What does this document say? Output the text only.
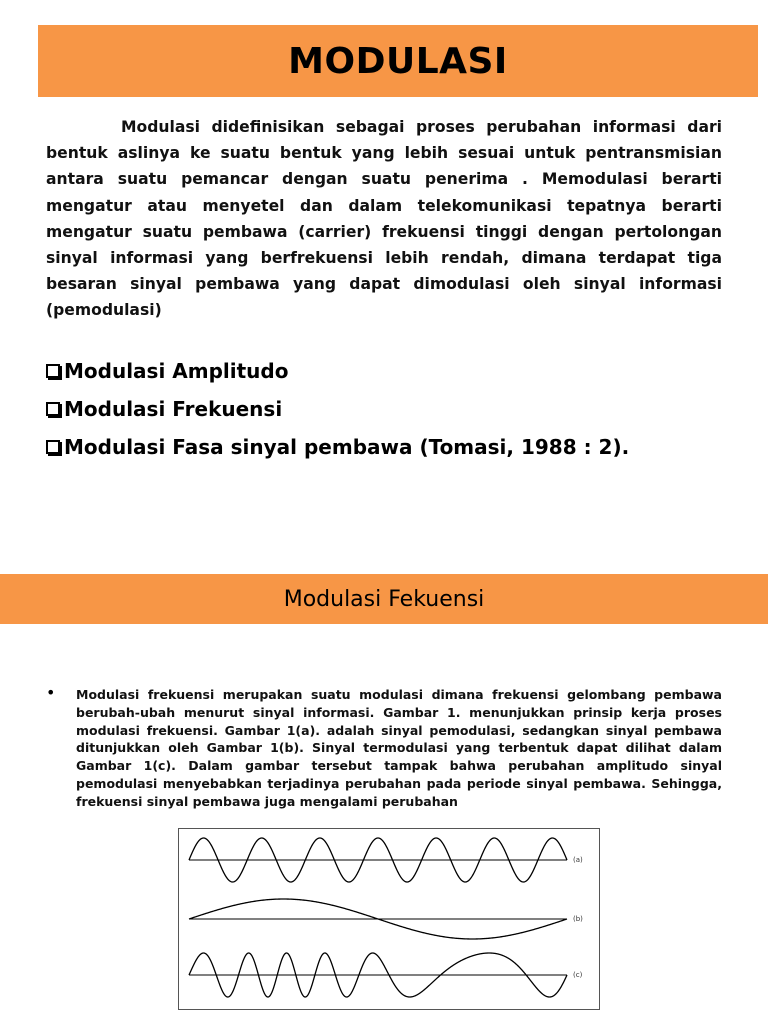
MODULASI
Modulasi didefinisikan sebagai proses perubahan informasi dari bentuk aslinya ke suatu bentuk yang lebih sesuai untuk pentransmisian antara suatu pemancar dengan suatu penerima . Memodulasi berarti mengatur atau menyetel dan dalam telekomunikasi tepatnya berarti mengatur suatu pembawa (carrier) frekuensi tinggi dengan pertolongan sinyal informasi yang berfrekuensi lebih rendah, dimana terdapat tiga besaran sinyal pembawa yang dapat dimodulasi oleh sinyal informasi (pemodulasi)
Modulasi Amplitudo
Modulasi Frekuensi
Modulasi Fasa sinyal pembawa (Tomasi, 1988 : 2).
Modulasi Fekuensi
• Modulasi frekuensi merupakan suatu modulasi dimana frekuensi gelombang pembawa berubah-ubah menurut sinyal informasi. Gambar 1. menunjukkan prinsip kerja proses modulasi frekuensi. Gambar 1(a). adalah sinyal pemodulasi, sedangkan sinyal pembawa ditunjukkan oleh Gambar 1(b). Sinyal termodulasi yang terbentuk dapat dilihat dalam Gambar 1(c). Dalam gambar tersebut tampak bahwa perubahan amplitudo sinyal pemodulasi menyebabkan terjadinya perubahan pada periode sinyal pembawa. Sehingga, frekuensi sinyal pembawa juga mengalami perubahan
(a)
(b)
(c)
